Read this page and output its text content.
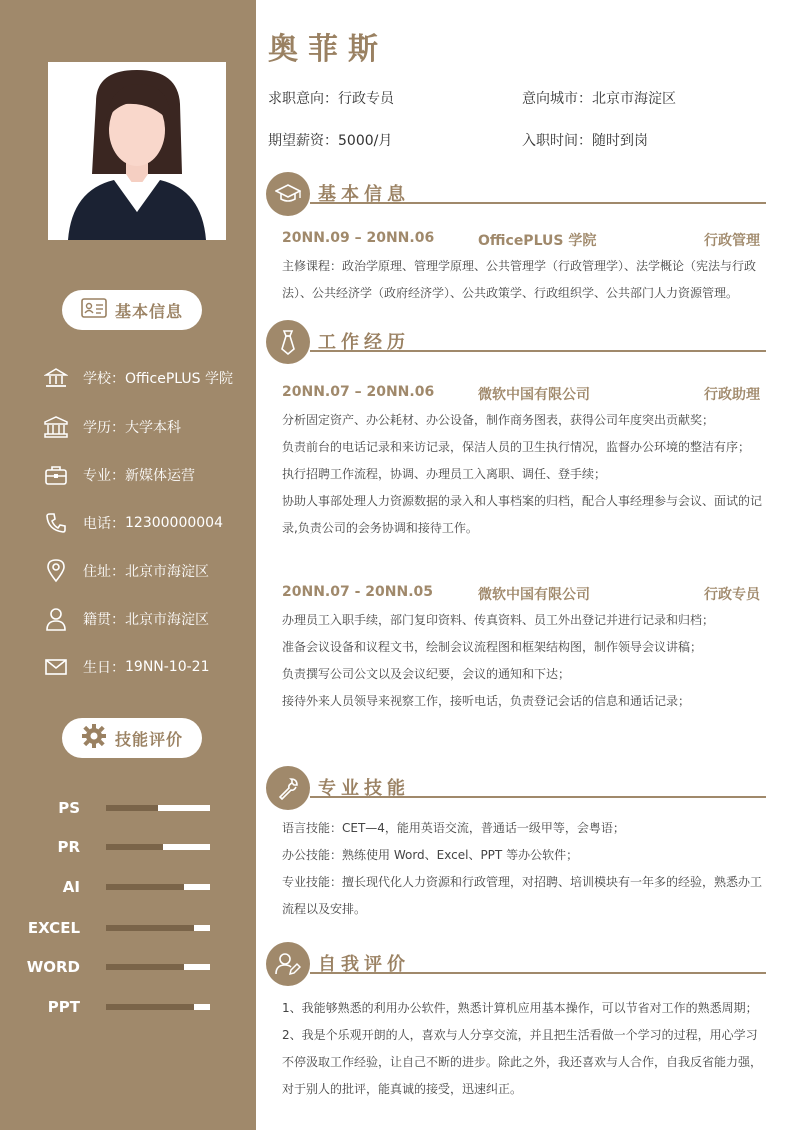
基本信息
学校： OfficePLUS 学院
学历： 大学本科
专业： 新媒体运营
电话： 12300000004
住址： 北京市海淀区
籍贯： 北京市海淀区
生日： 19NN-10-21
技能评价
PS
PR
AI
EXCEL
WORD
PPT
奥菲斯
求职意向：行政专员	意向城市：北京市海淀区
期望薪资：5000/月	入职时间：随时到岗
基本信息
20NN.09 – 20NN.06	OfficePLUS 学院	行政管理
主修课程：政治学原理、管理学原理、公共管理学（行政管理学）、法学概论（宪法与行政法）、公共经济学（政府经济学）、公共政策学、行政组织学、公共部门人力资源管理。
工作经历
20NN.07 – 20NN.06	微软中国有限公司	行政助理
分析固定资产、办公耗材、办公设备，制作商务图表，获得公司年度突出贡献奖；
负责前台的电话记录和来访记录，保洁人员的卫生执行情况，监督办公环境的整洁有序；
执行招聘工作流程，协调、办理员工入离职、调任、登手续；
协助人事部处理人力资源数据的录入和人事档案的归档，配合人事经理参与会议、面试的记录,负责公司的会务协调和接待工作。
20NN.07 - 20NN.05	微软中国有限公司	行政专员
办理员工入职手续，部门复印资料、传真资料、员工外出登记并进行记录和归档；
准备会议设备和议程文书，绘制会议流程图和框架结构图，制作领导会议讲稿；
负责撰写公司公文以及会议纪要，会议的通知和下达；
接待外来人员领导来视察工作，接听电话，负责登记会话的信息和通话记录；
专业技能
语言技能：CET—4，能用英语交流，普通话一级甲等，会粤语；
办公技能：熟练使用 Word、Excel、PPT 等办公软件；
专业技能：擅长现代化人力资源和行政管理，对招聘、培训模块有一年多的经验，熟悉办工流程以及安排。
自我评价
1、我能够熟悉的利用办公软件，熟悉计算机应用基本操作，可以节省对工作的熟悉周期；
2、我是个乐观开朗的人，喜欢与人分享交流，并且把生活看做一个学习的过程，用心学习不停汲取工作经验，让自己不断的进步。除此之外，我还喜欢与人合作，自我反省能力强，对于别人的批评，能真诚的接受，迅速纠正。
